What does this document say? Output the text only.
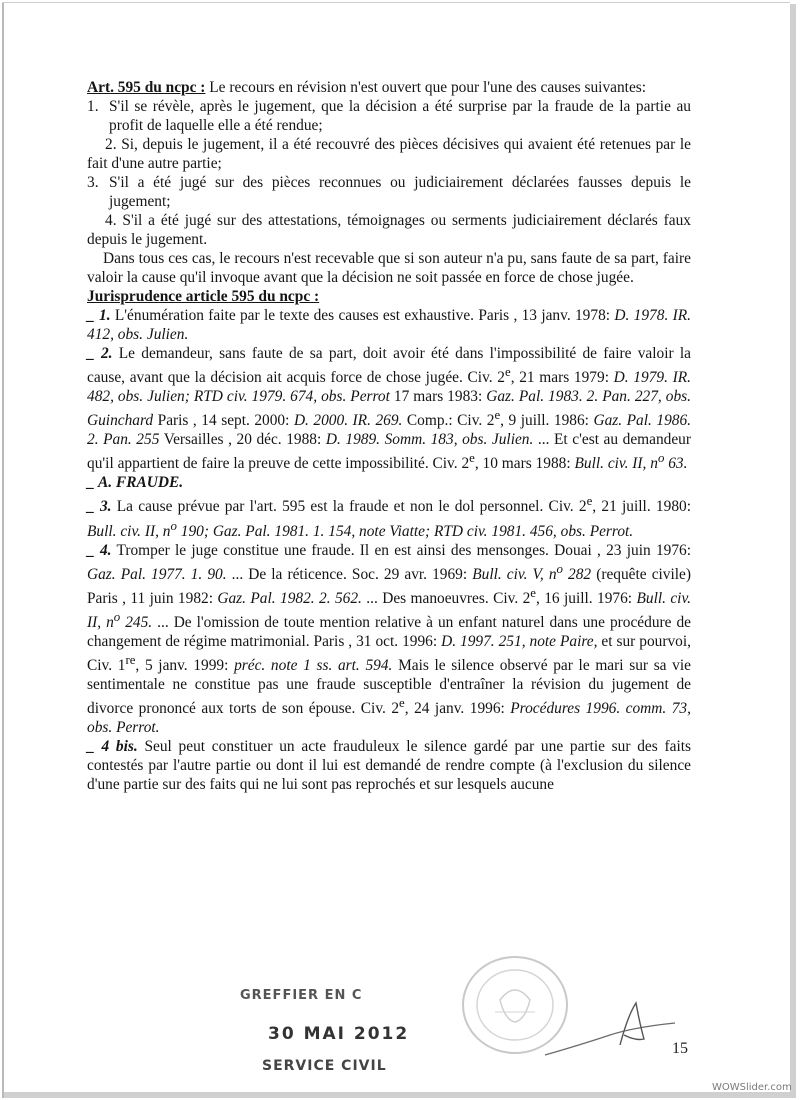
Art. 595 du ncpc : Le recours en révision n'est ouvert que pour l'une des causes suivantes:

1. S'il se révèle, après le jugement, que la décision a été surprise par la fraude de la partie au profit de laquelle elle a été rendue;

2. Si, depuis le jugement, il a été recouvré des pièces décisives qui avaient été retenues par le fait d'une autre partie;

3. S'il a été jugé sur des pièces reconnues ou judiciairement déclarées fausses depuis le jugement;

4. S'il a été jugé sur des attestations, témoignages ou serments judiciairement déclarés faux depuis le jugement.

Dans tous ces cas, le recours n'est recevable que si son auteur n'a pu, sans faute de sa part, faire valoir la cause qu'il invoque avant que la décision ne soit passée en force de chose jugée.

Jurisprudence article 595 du ncpc :

_ 1. L'énumération faite par le texte des causes est exhaustive. Paris , 13 janv. 1978: D. 1978. IR. 412, obs. Julien.

_ 2. Le demandeur, sans faute de sa part, doit avoir été dans l'impossibilité de faire valoir la cause, avant que la décision ait acquis force de chose jugée. Civ. 2e, 21 mars 1979: D. 1979. IR. 482, obs. Julien; RTD civ. 1979. 674, obs. Perrot 17 mars 1983: Gaz. Pal. 1983. 2. Pan. 227, obs. Guinchard Paris , 14 sept. 2000: D. 2000. IR. 269. Comp.: Civ. 2e, 9 juill. 1986: Gaz. Pal. 1986. 2. Pan. 255 Versailles , 20 déc. 1988: D. 1989. Somm. 183, obs. Julien. ... Et c'est au demandeur qu'il appartient de faire la preuve de cette impossibilité. Civ. 2e, 10 mars 1988: Bull. civ. II, $n^o$ 63.

_ A. FRAUDE.

_ 3. La cause prévue par l'art. 595 est la fraude et non le dol personnel. Civ. 2e, 21 juill. 1980: Bull. civ. II, $n^o$ 190; Gaz. Pal. 1981. 1. 154, note Viatte; RTD civ. 1981. 456, obs. Perrot.

_ 4. Tromper le juge constitue une fraude. Il en est ainsi des mensonges. Douai , 23 juin 1976: Gaz. Pal. 1977. 1. 90. ... De la réticence. Soc. 29 avr. 1969: Bull. civ. V, $n^o$ 282 (requête civile) Paris , 11 juin 1982: Gaz. Pal. 1982. 2. 562. ... Des manoeuvres. Civ. 2e, 16 juill. 1976: Bull. civ. II, $n^o$ 245. ... De l'omission de toute mention relative à un enfant naturel dans une procédure de changement de régime matrimonial. Paris , 31 oct. 1996: D. 1997. 251, note Paire, et sur pourvoi, Civ. 1re, 5 janv. 1999: préc. note 1 ss. art. 594. Mais le silence observé par le mari sur sa vie sentimentale ne constitue pas une fraude susceptible d'entraîner la révision du jugement de divorce prononcé aux torts de son épouse. Civ. 2e, 24 janv. 1996: Procédures 1996. comm. 73, obs. Perrot.

_ 4 bis. Seul peut constituer un acte frauduleux le silence gardé par une partie sur des faits contestés par l'autre partie ou dont il lui est demandé de rendre compte (à l'exclusion du silence d'une partie sur des faits qui ne lui sont pas reprochés et sur lesquels aucune

GREFFIER EN C
30 MAI 2012
SERVICE CIVIL
15
WOWSlider.com
